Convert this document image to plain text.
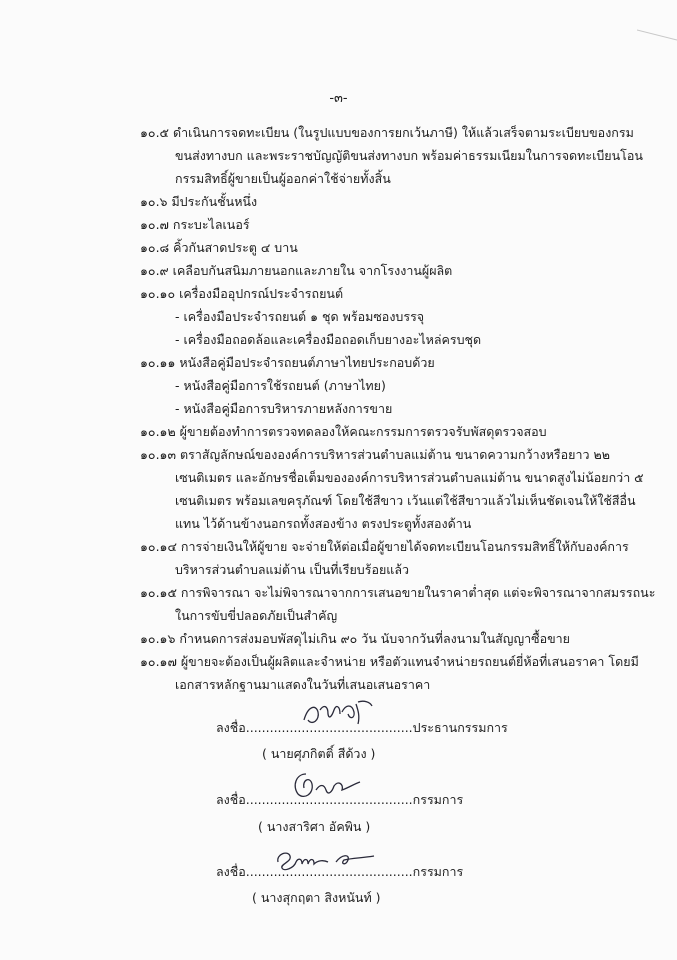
-๓-
๑๐.๕ ดำเนินการจดทะเบียน (ในรูปแบบของการยกเว้นภาษี) ให้แล้วเสร็จตามระเบียบของกรม
ขนส่งทางบก และพระราชบัญญัติขนส่งทางบก พร้อมค่าธรรมเนียมในการจดทะเบียนโอน
กรรมสิทธิ์ผู้ขายเป็นผู้ออกค่าใช้จ่ายทั้งสิ้น
๑๐.๖ มีประกันชั้นหนึ่ง
๑๐.๗ กระบะไลเนอร์
๑๐.๘ คิ้วกันสาดประตู ๔ บาน
๑๐.๙ เคลือบกันสนิมภายนอกและภายใน จากโรงงานผู้ผลิต
๑๐.๑๐ เครื่องมืออุปกรณ์ประจำรถยนต์
- เครื่องมือประจำรถยนต์ ๑ ชุด พร้อมซองบรรจุ
- เครื่องมือถอดล้อและเครื่องมือถอดเก็บยางอะไหล่ครบชุด
๑๐.๑๑ หนังสือคู่มือประจำรถยนต์ภาษาไทยประกอบด้วย
- หนังสือคู่มือการใช้รถยนต์ (ภาษาไทย)
- หนังสือคู่มือการบริหารภายหลังการขาย
๑๐.๑๒ ผู้ขายต้องทำการตรวจทดลองให้คณะกรรมการตรวจรับพัสดุตรวจสอบ
๑๐.๑๓ ตราสัญลักษณ์ขององค์การบริหารส่วนตำบลแม่ต้าน ขนาดความกว้างหรือยาว ๒๒
เซนติเมตร และอักษรชื่อเต็มขององค์การบริหารส่วนตำบลแม่ต้าน ขนาดสูงไม่น้อยกว่า ๕
เซนติเมตร พร้อมเลขครุภัณฑ์ โดยใช้สีขาว เว้นแต่ใช้สีขาวแล้วไม่เห็นชัดเจนให้ใช้สีอื่น
แทน ไว้ด้านข้างนอกรถทั้งสองข้าง ตรงประตูทั้งสองด้าน
๑๐.๑๔ การจ่ายเงินให้ผู้ขาย จะจ่ายให้ต่อเมื่อผู้ขายได้จดทะเบียนโอนกรรมสิทธิ์ให้กับองค์การ
บริหารส่วนตำบลแม่ต้าน เป็นที่เรียบร้อยแล้ว
๑๐.๑๕ การพิจารณา จะไม่พิจารณาจากการเสนอขายในราคาต่ำสุด แต่จะพิจารณาจากสมรรถนะ
ในการขับขี่ปลอดภัยเป็นสำคัญ
๑๐.๑๖ กำหนดการส่งมอบพัสดุไม่เกิน ๙๐ วัน นับจากวันที่ลงนามในสัญญาซื้อขาย
๑๐.๑๗ ผู้ขายจะต้องเป็นผู้ผลิตและจำหน่าย หรือตัวแทนจำหน่ายรถยนต์ยี่ห้อที่เสนอราคา โดยมี
เอกสารหลักฐานมาแสดงในวันที่เสนอเสนอราคา
ลงชื่อ..........................................ประธานกรรมการ
( นายศุภกิตติ์ สีด้วง )
ลงชื่อ..........................................กรรมการ
( นางสาริศา อัคพิน )
ลงชื่อ..........................................กรรมการ
( นางสุกฤตา สิงหนันท์ )
